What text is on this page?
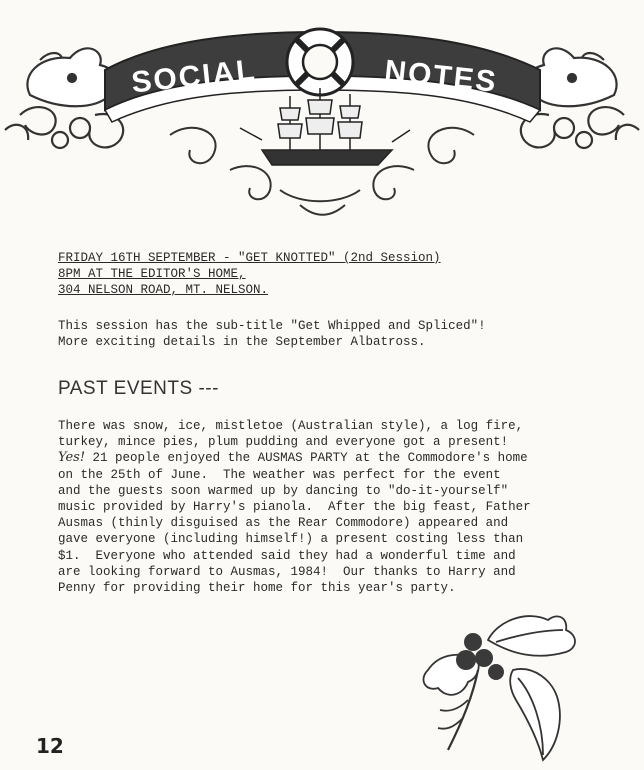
SOCIAL	NOTES
FRIDAY 16TH SEPTEMBER - "GET KNOTTED" (2nd Session)
8PM AT THE EDITOR'S HOME,
304 NELSON ROAD, MT. NELSON.

This session has the sub-title "Get Whipped and Spliced"!

More exciting details in the September Albatross.

PAST EVENTS ---

There was snow, ice, mistletoe (Australian style), a log fire,

turkey, mince pies, plum pudding and everyone got a present!

Yes! 21 people enjoyed the AUSMAS PARTY at the Commodore's home

on the 25th of June.  The weather was perfect for the event

and the guests soon warmed up by dancing to "do-it-yourself"

music provided by Harry's pianola.  After the big feast, Father

Ausmas (thinly disguised as the Rear Commodore) appeared and

gave everyone (including himself!) a present costing less than

$1.  Everyone who attended said they had a wonderful time and

are looking forward to Ausmas, 1984!  Our thanks to Harry and

Penny for providing their home for this year's party.

12
